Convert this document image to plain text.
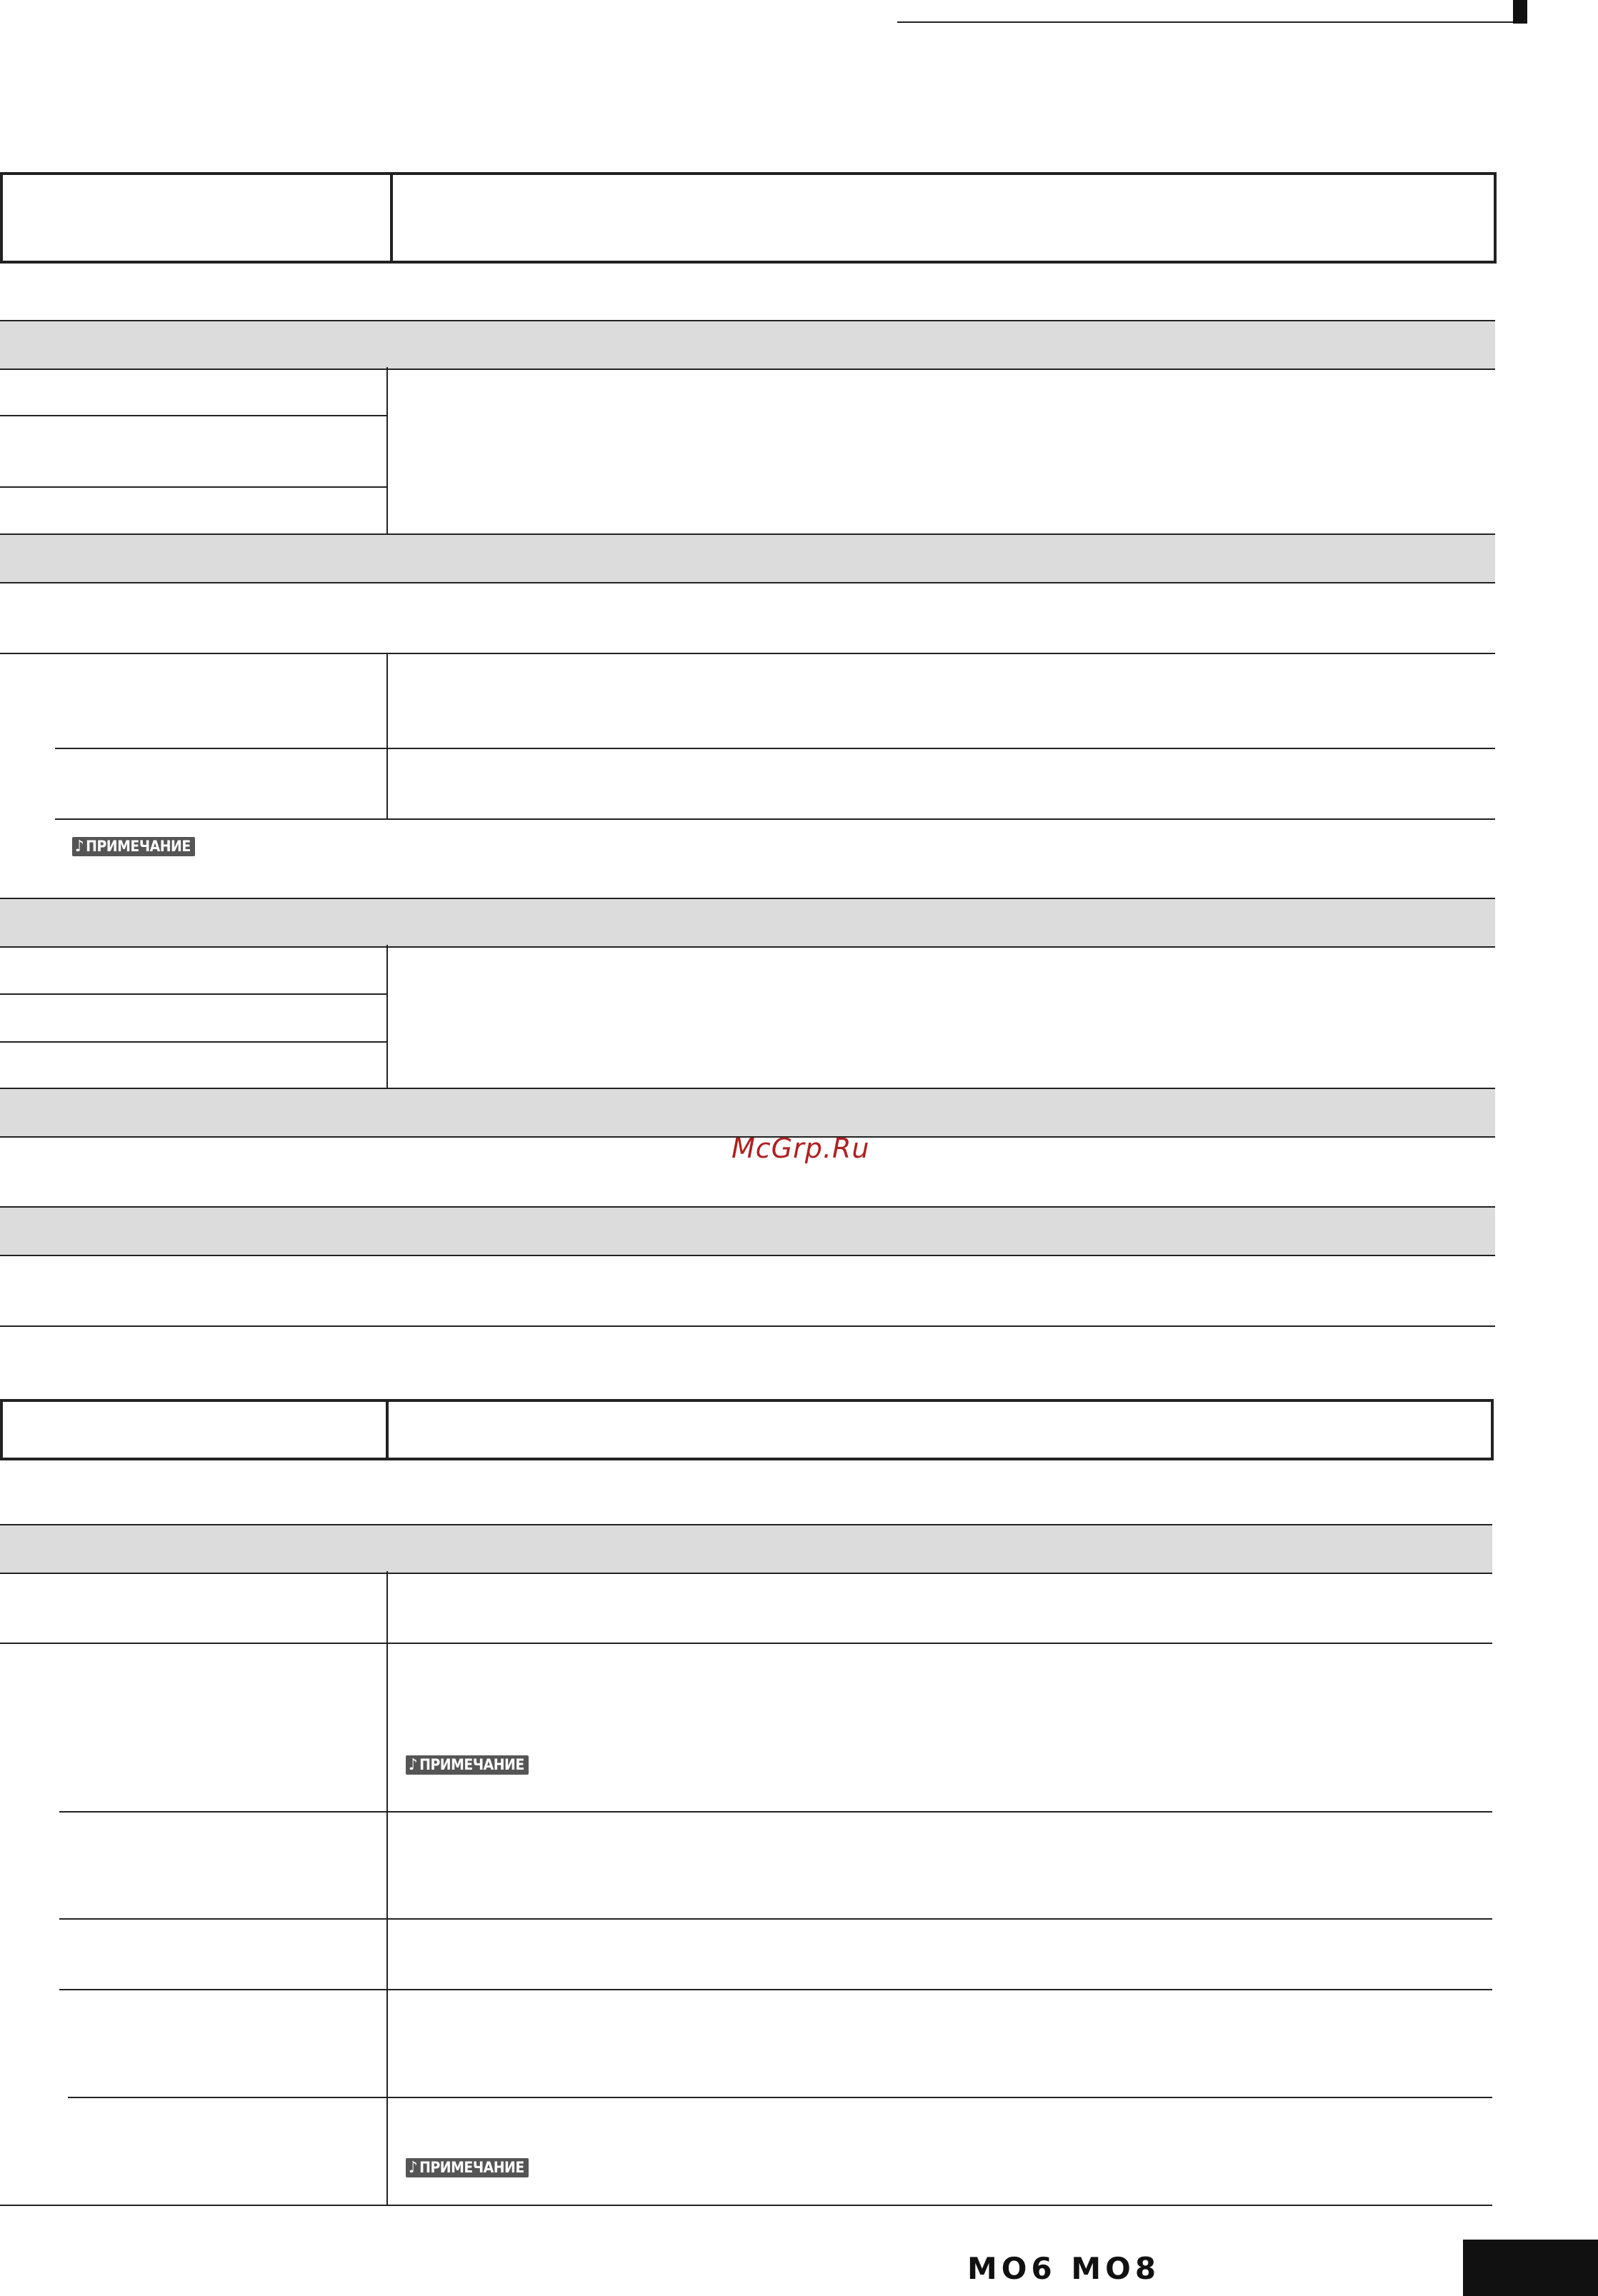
♪ ПРИМЕЧАНИЕ
McGrp.Ru
♪ ПРИМЕЧАНИЕ
♪ ПРИМЕЧАНИЕ
MO6 MO8
